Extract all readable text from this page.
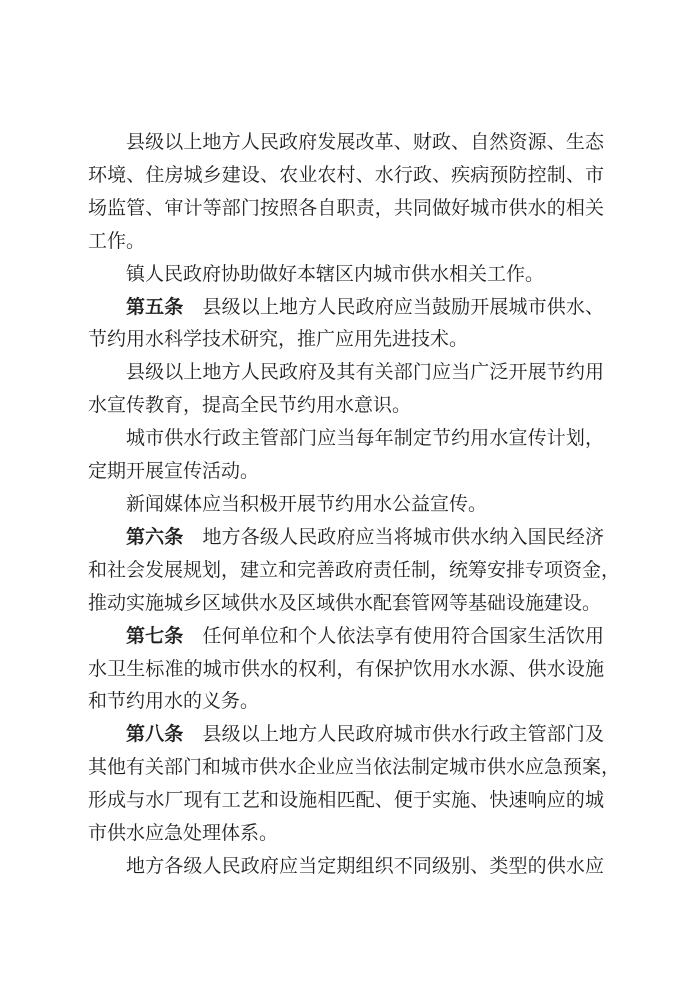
县级以上地方人民政府发展改革、财政、自然资源、生态
环境、住房城乡建设、农业农村、水行政、疾病预防控制、市
场监管、审计等部门按照各自职责，共同做好城市供水的相关
工作。
镇人民政府协助做好本辖区内城市供水相关工作。
第五条　县级以上地方人民政府应当鼓励开展城市供水、
节约用水科学技术研究，推广应用先进技术。
县级以上地方人民政府及其有关部门应当广泛开展节约用
水宣传教育，提高全民节约用水意识。
城市供水行政主管部门应当每年制定节约用水宣传计划，
定期开展宣传活动。
新闻媒体应当积极开展节约用水公益宣传。
第六条　地方各级人民政府应当将城市供水纳入国民经济
和社会发展规划，建立和完善政府责任制，统筹安排专项资金，
推动实施城乡区域供水及区域供水配套管网等基础设施建设。
第七条　任何单位和个人依法享有使用符合国家生活饮用
水卫生标准的城市供水的权利，有保护饮用水水源、供水设施
和节约用水的义务。
第八条　县级以上地方人民政府城市供水行政主管部门及
其他有关部门和城市供水企业应当依法制定城市供水应急预案，
形成与水厂现有工艺和设施相匹配、便于实施、快速响应的城
市供水应急处理体系。
地方各级人民政府应当定期组织不同级别、类型的供水应
